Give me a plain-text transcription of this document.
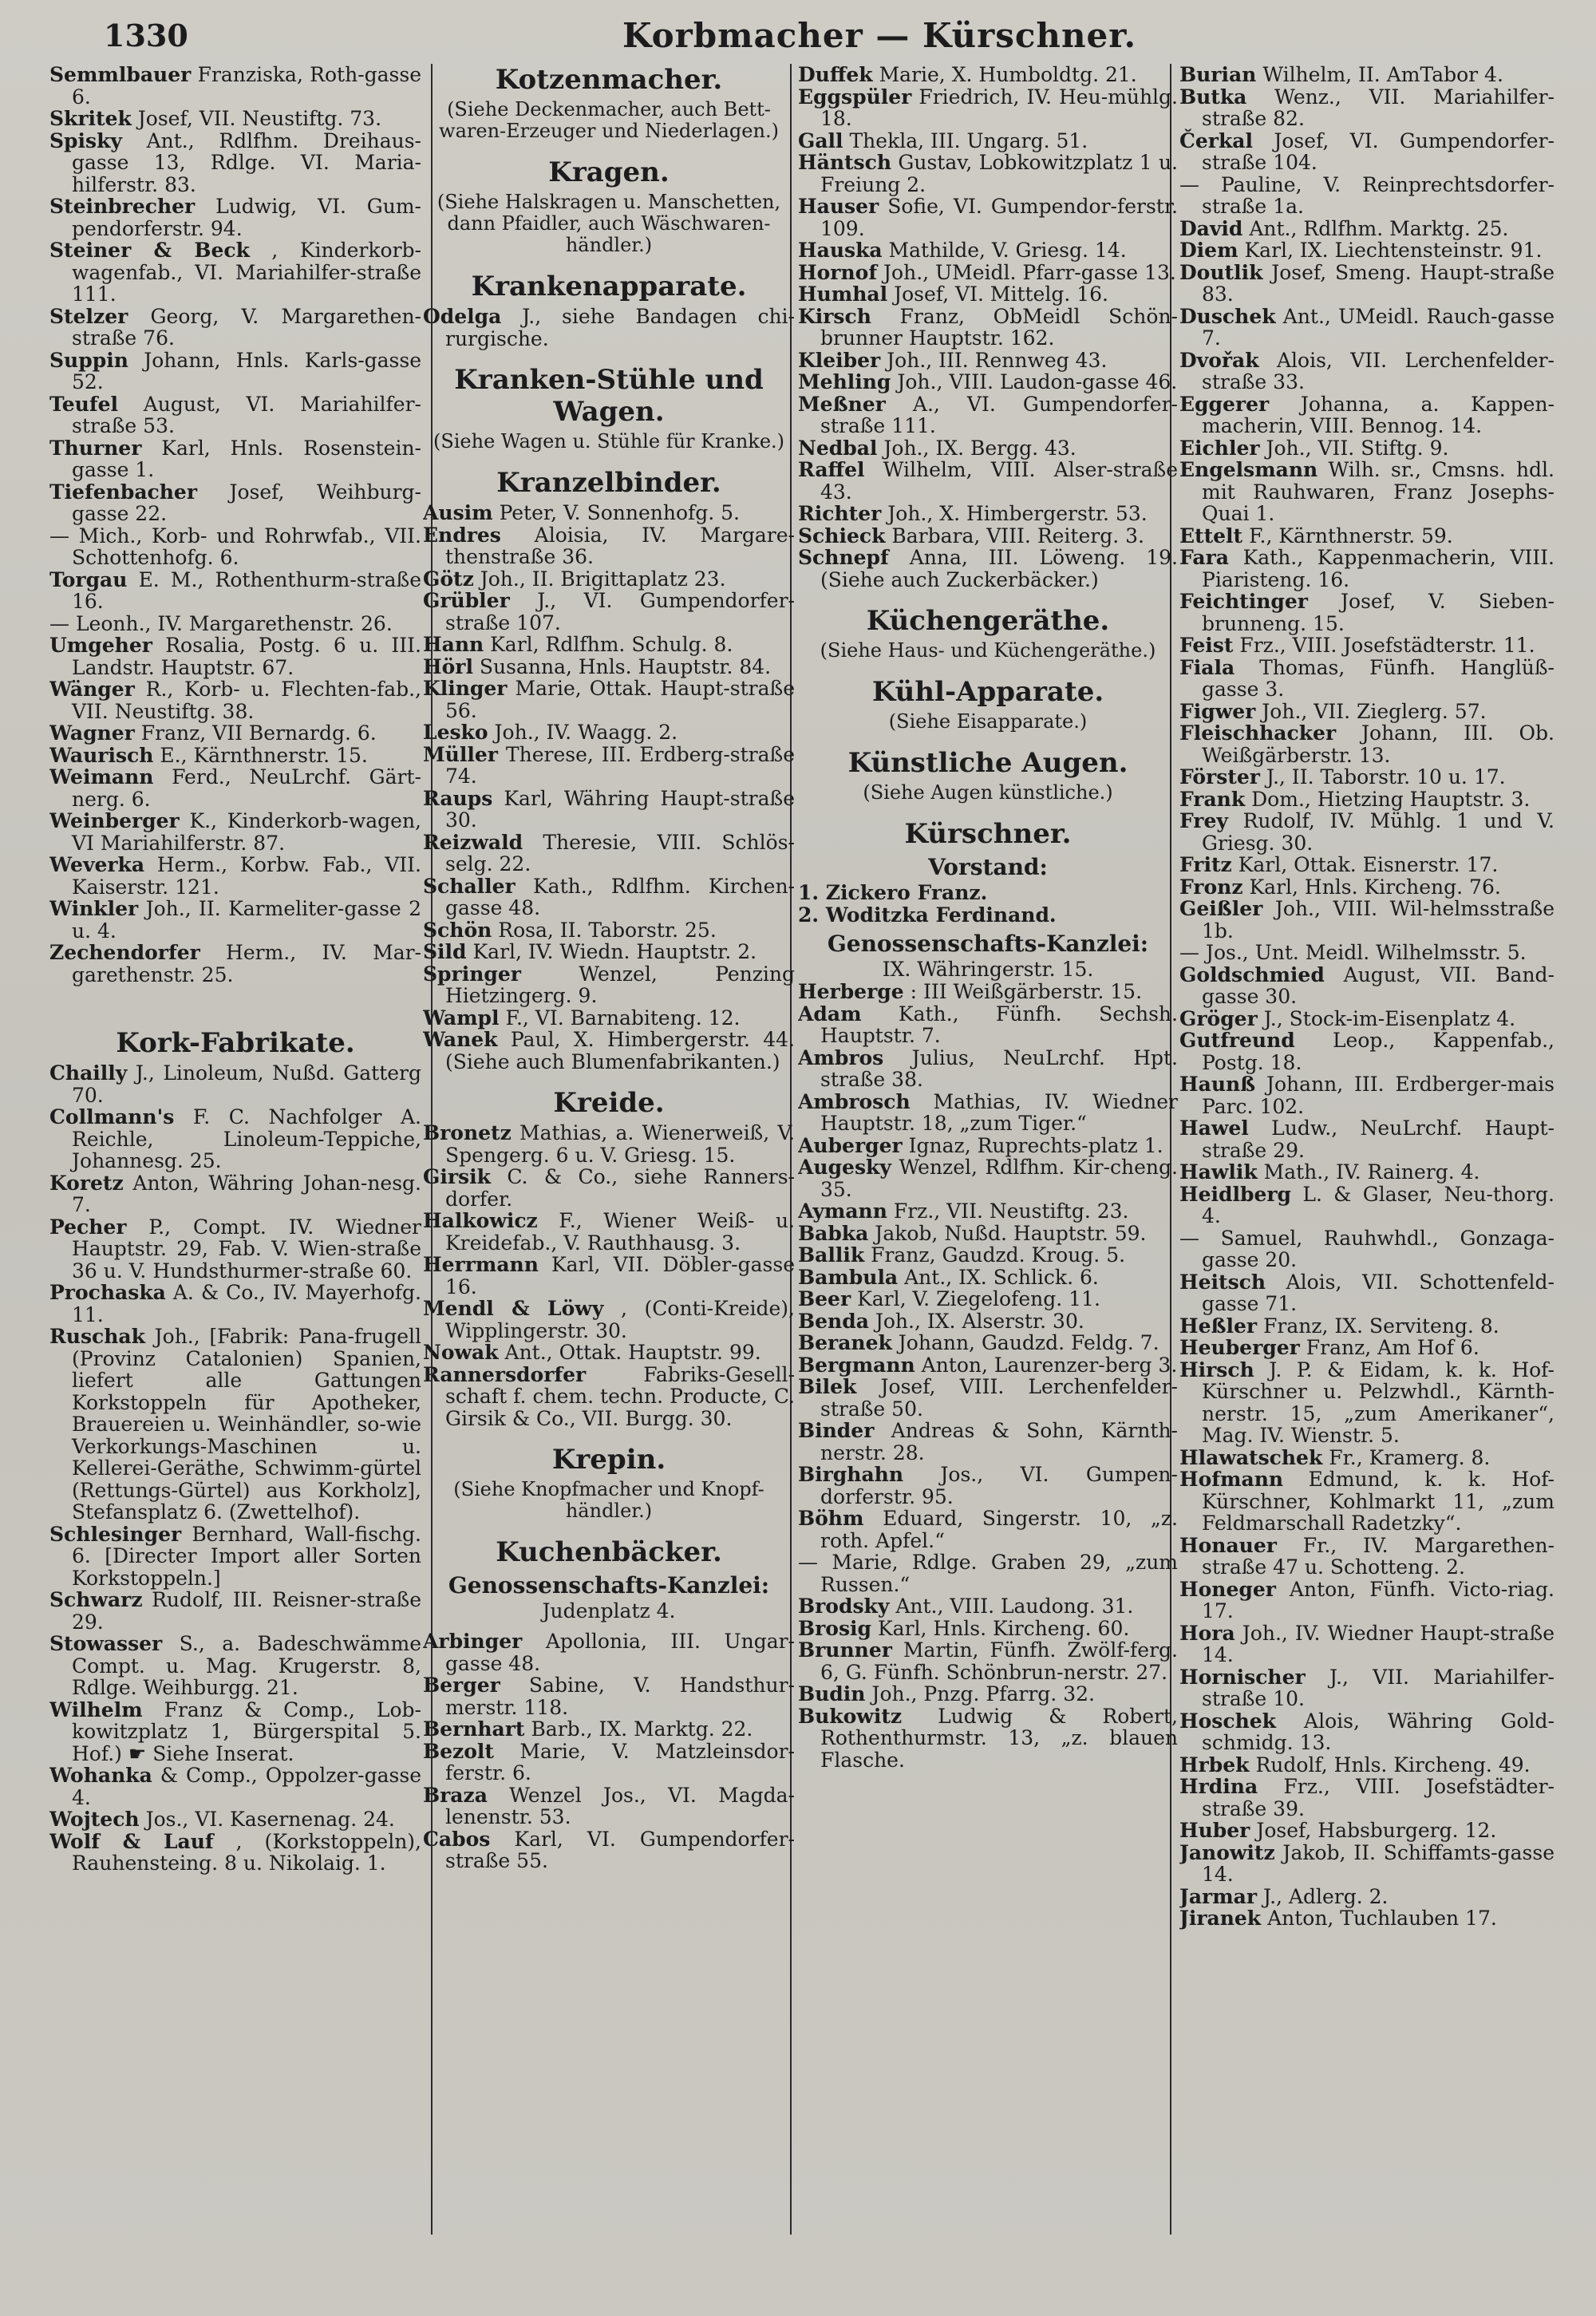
1330	Korbmacher — Kürschner.

Semmlbauer Franziska, Roth-gasse 6.

Skritek Josef, VII. Neustiftg. 73.

Spisky Ant., Rdlfhm. Dreihaus-gasse 13, Rdlge. VI. Maria-hilferstr. 83.

Steinbrecher Ludwig, VI. Gum-pendorferstr. 94.

Steiner & Beck , Kinderkorb-wagenfab., VI. Mariahilfer-straße 111.

Stelzer Georg, V. Margarethen-straße 76.

Suppin Johann, Hnls. Karls-gasse 52.

Teufel August, VI. Mariahilfer-straße 53.

Thurner Karl, Hnls. Rosenstein-gasse 1.

Tiefenbacher Josef, Weihburg-gasse 22.

— Mich., Korb- und Rohrwfab., VII. Schottenhofg. 6.

Torgau E. M., Rothenthurm-straße 16.

— Leonh., IV. Margarethenstr. 26.

Umgeher Rosalia, Postg. 6 u. III. Landstr. Hauptstr. 67.

Wänger R., Korb- u. Flechten-fab., VII. Neustiftg. 38.

Wagner Franz, VII Bernardg. 6.

Waurisch E., Kärnthnerstr. 15.

Weimann Ferd., NeuLrchf. Gärt-nerg. 6.

Weinberger K., Kinderkorb-wagen, VI Mariahilferstr. 87.

Weverka Herm., Korbw. Fab., VII. Kaiserstr. 121.

Winkler Joh., II. Karmeliter-gasse 2 u. 4.

Zechendorfer Herm., IV. Mar-garethenstr. 25.

Kork-Fabrikate.

Chailly J., Linoleum, Nußd. Gatterg 70.

Collmann's F. C. Nachfolger A. Reichle, Linoleum-Teppiche, Johannesg. 25.

Koretz Anton, Währing Johan-nesg. 7.

Pecher P., Compt. IV. Wiedner Hauptstr. 29, Fab. V. Wien-straße 36 u. V. Hundsthurmer-straße 60.

Prochaska A. & Co., IV. Mayerhofg. 11.

Ruschak Joh., [Fabrik: Pana-frugell (Provinz Catalonien) Spanien, liefert alle Gattungen Korkstoppeln für Apotheker, Brauereien u. Weinhändler, so-wie Verkorkungs-Maschinen u. Kellerei-Geräthe, Schwimm-gürtel (Rettungs-Gürtel) aus Korkholz], Stefansplatz 6. (Zwettelhof).

Schlesinger Bernhard, Wall-fischg. 6. [Directer Import aller Sorten Korkstoppeln.]

Schwarz Rudolf, III. Reisner-straße 29.

Stowasser S., a. Badeschwämme Compt. u. Mag. Krugerstr. 8, Rdlge. Weihburgg. 21.

Wilhelm Franz & Comp., Lob-kowitzplatz 1, Bürgerspital 5. Hof.) ☛ Siehe Inserat.

Wohanka & Comp., Oppolzer-gasse 4.

Wojtech Jos., VI. Kasernenag. 24.

Wolf & Lauf , (Korkstoppeln), Rauhensteing. 8 u. Nikolaig. 1.

Kotzenmacher.
(Siehe Deckenmacher, auch Bett-waren-Erzeuger und Niederlagen.)
Kragen.
(Siehe Halskragen u. Manschetten, dann Pfaidler, auch Wäschwaren-händler.)
Krankenapparate.

Odelga J., siehe Bandagen chi-rurgische.

Kranken-Stühle und Wagen.
(Siehe Wagen u. Stühle für Kranke.)
Kranzelbinder.

Ausim Peter, V. Sonnenhofg. 5.

Endres Aloisia, IV. Margare-thenstraße 36.

Götz Joh., II. Brigittaplatz 23.

Grübler J., VI. Gumpendorfer-straße 107.

Hann Karl, Rdlfhm. Schulg. 8.

Hörl Susanna, Hnls. Hauptstr. 84.

Klinger Marie, Ottak. Haupt-straße 56.

Lesko Joh., IV. Waagg. 2.

Müller Therese, III. Erdberg-straße 74.

Raups Karl, Währing Haupt-straße 30.

Reizwald Theresie, VIII. Schlös-selg. 22.

Schaller Kath., Rdlfhm. Kirchen-gasse 48.

Schön Rosa, II. Taborstr. 25.

Sild Karl, IV. Wiedn. Hauptstr. 2.

Springer	Wenzel, Penzing Hietzingerg. 9.

Wampl F., VI. Barnabiteng. 12.

Wanek Paul, X. Himbergerstr. 44. (Siehe auch Blumenfabrikanten.)

Kreide.

Bronetz Mathias, a. Wienerweiß, V. Spengerg. 6 u. V. Griesg. 15.

Girsik C. & Co., siehe Ranners-dorfer.

Halkowicz F., Wiener Weiß- u. Kreidefab., V. Rauthhausg. 3.

Herrmann Karl, VII. Döbler-gasse 16.

Mendl & Löwy , (Conti-Kreide), Wipplingerstr. 30.

Nowak Ant., Ottak. Hauptstr. 99.

Rannersdorfer	Fabriks-Gesell-schaft f. chem. techn. Producte, C. Girsik & Co., VII. Burgg. 30.

Krepin.
(Siehe Knopfmacher und Knopf-händler.)
Kuchenbäcker.
Genossenschafts-Kanzlei:
Judenplatz 4.

Arbinger Apollonia, III. Ungar-gasse 48.

Berger Sabine, V. Handsthur-merstr. 118.

Bernhart Barb., IX. Marktg. 22.

Bezolt Marie, V. Matzleinsdor-ferstr. 6.

Braza Wenzel Jos., VI. Magda-lenenstr. 53.

Cabos Karl, VI. Gumpendorfer-straße 55.

Duffek Marie, X. Humboldtg. 21.

Eggspüler Friedrich, IV. Heu-mühlg. 18.

Gall Thekla, III. Ungarg. 51.

Häntsch Gustav, Lobkowitzplatz 1 u. Freiung 2.

Hauser Sofie, VI. Gumpendor-ferstr. 109.

Hauska Mathilde, V. Griesg. 14.

Hornof Joh., UMeidl. Pfarr-gasse 13.

Humhal Josef, VI. Mittelg. 16.

Kirsch Franz, ObMeidl Schön-brunner Hauptstr. 162.

Kleiber Joh., III. Rennweg 43.

Mehling Joh., VIII. Laudon-gasse 46.

Meßner A., VI. Gumpendorfer-straße 111.

Nedbal Joh., IX. Bergg. 43.

Raffel Wilhelm, VIII. Alser-straße 43.

Richter Joh., X. Himbergerstr. 53.

Schieck Barbara, VIII. Reiterg. 3.

Schnepf Anna, III. Löweng. 19. (Siehe auch Zuckerbäcker.)

Küchengeräthe.
(Siehe Haus- und Küchengeräthe.)
Kühl-Apparate.
(Siehe Eisapparate.)
Künstliche Augen.
(Siehe Augen künstliche.)
Kürschner.
Vorstand:
1. Zickero Franz.
2. Woditzka Ferdinand.
Genossenschafts-Kanzlei:
IX. Währingerstr. 15.

Herberge : III Weißgärberstr. 15.

Adam Kath., Fünfh. Sechsh. Hauptstr. 7.

Ambros Julius, NeuLrchf. Hpt. straße 38.

Ambrosch Mathias, IV. Wiedner Hauptstr. 18, „zum Tiger.“

Auberger Ignaz, Ruprechts-platz 1.

Augesky Wenzel, Rdlfhm. Kir-cheng. 35.

Aymann Frz., VII. Neustiftg. 23.

Babka Jakob, Nußd. Hauptstr. 59.

Ballik Franz, Gaudzd. Kroug. 5.

Bambula Ant., IX. Schlick. 6.

Beer Karl, V. Ziegelofeng. 11.

Benda Joh., IX. Alserstr. 30.

Beranek Johann, Gaudzd. Feldg. 7.

Bergmann Anton, Laurenzer-berg 3.

Bilek Josef, VIII. Lerchenfelder-straße 50.

Binder Andreas & Sohn, Kärnth-nerstr. 28.

Birghahn Jos., VI. Gumpen-dorferstr. 95.

Böhm Eduard, Singerstr. 10, „z. roth. Apfel.“

— Marie, Rdlge. Graben 29, „zum Russen.“

Brodsky Ant., VIII. Laudong. 31.

Brosig Karl, Hnls. Kircheng. 60.

Brunner Martin, Fünfh. Zwölf-ferg. 6, G. Fünfh. Schönbrun-nerstr. 27.

Budin Joh., Pnzg. Pfarrg. 32.

Bukowitz Ludwig & Robert, Rothenthurmstr. 13, „z. blauen Flasche.

Burian Wilhelm, II. AmTabor 4.

Butka Wenz., VII. Mariahilfer-straße 82.

Čerkal Josef, VI. Gumpendorfer-straße 104.

— Pauline, V. Reinprechtsdorfer-straße 1a.

David Ant., Rdlfhm. Marktg. 25.

Diem Karl, IX. Liechtensteinstr. 91.

Doutlik Josef, Smeng. Haupt-straße 83.

Duschek Ant., UMeidl. Rauch-gasse 7.

Dvořak Alois, VII. Lerchenfelder-straße 33.

Eggerer Johanna, a. Kappen-macherin, VIII. Bennog. 14.

Eichler Joh., VII. Stiftg. 9.

Engelsmann Wilh. sr., Cmsns. hdl. mit Rauhwaren, Franz Josephs-Quai 1.

Ettelt F., Kärnthnerstr. 59.

Fara Kath., Kappenmacherin, VIII. Piaristeng. 16.

Feichtinger Josef, V. Sieben-brunneng. 15.

Feist Frz., VIII. Josefstädterstr. 11.

Fiala Thomas, Fünfh. Hanglüß-gasse 3.

Figwer Joh., VII. Zieglerg. 57.

Fleischhacker Johann, III. Ob. Weißgärberstr. 13.

Förster J., II. Taborstr. 10 u. 17.

Frank Dom., Hietzing Hauptstr. 3.

Frey Rudolf, IV. Mühlg. 1 und V. Griesg. 30.

Fritz Karl, Ottak. Eisnerstr. 17.

Fronz Karl, Hnls. Kircheng. 76.

Geißler Joh., VIII. Wil-helmsstraße 1b.

— Jos., Unt. Meidl. Wilhelmsstr. 5.

Goldschmied August, VII. Band-gasse 30.

Gröger J., Stock-im-Eisenplatz 4.

Gutfreund Leop., Kappenfab., Postg. 18.

Haunß Johann, III. Erdberger-mais Parc. 102.

Hawel Ludw., NeuLrchf. Haupt-straße 29.

Hawlik Math., IV. Rainerg. 4.

Heidlberg L. & Glaser, Neu-thorg. 4.

— Samuel, Rauhwhdl., Gonzaga-gasse 20.

Heitsch Alois, VII. Schottenfeld-gasse 71.

Heßler Franz, IX. Serviteng. 8.

Heuberger Franz, Am Hof 6.

Hirsch J. P. & Eidam, k. k. Hof-Kürschner u. Pelzwhdl., Kärnth-nerstr. 15, „zum Amerikaner“, Mag. IV. Wienstr. 5.

Hlawatschek Fr., Kramerg. 8.

Hofmann Edmund, k. k. Hof-Kürschner, Kohlmarkt 11, „zum Feldmarschall Radetzky“.

Honauer Fr., IV. Margarethen-straße 47 u. Schotteng. 2.

Honeger Anton, Fünfh. Victo-riag. 17.

Hora Joh., IV. Wiedner Haupt-straße 14.

Hornischer J., VII. Mariahilfer-straße 10.

Hoschek Alois, Währing Gold-schmidg. 13.

Hrbek Rudolf, Hnls. Kircheng. 49.

Hrdina Frz., VIII. Josefstädter-straße 39.

Huber Josef, Habsburgerg. 12.

Janowitz Jakob, II. Schiffamts-gasse 14.

Jarmar J., Adlerg. 2.

Jiranek Anton, Tuchlauben 17.
